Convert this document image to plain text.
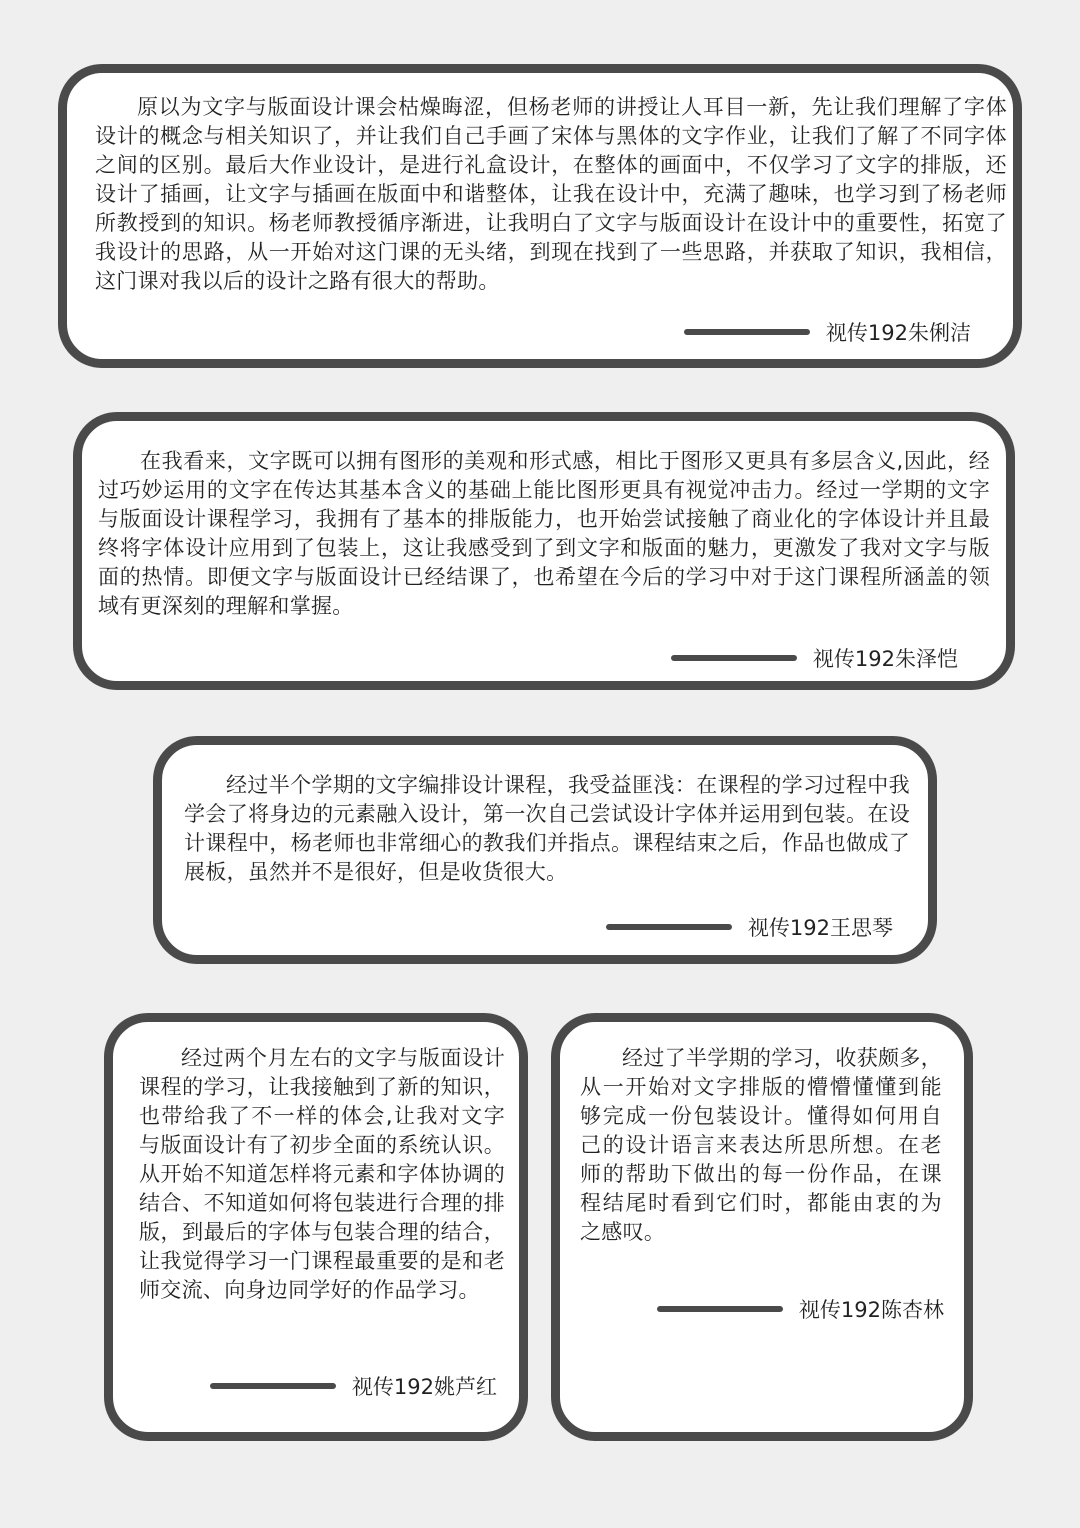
原以为文字与版面设计课会枯燥晦涩，但杨老师的讲授让人耳目一新，先让我们理解了字体设计的概念与相关知识了，并让我们自己手画了宋体与黑体的文字作业，让我们了解了不同字体之间的区别。最后大作业设计，是进行礼盒设计，在整体的画面中，不仅学习了文字的排版，还设计了插画，让文字与插画在版面中和谐整体，让我在设计中，充满了趣味，也学习到了杨老师所教授到的知识。杨老师教授循序渐进，让我明白了文字与版面设计在设计中的重要性，拓宽了我设计的思路，从一开始对这门课的无头绪，到现在找到了一些思路，并获取了知识，我相信，这门课对我以后的设计之路有很大的帮助。

视传192朱俐洁

在我看来，文字既可以拥有图形的美观和形式感，相比于图形又更具有多层含义,因此，经过巧妙运用的文字在传达其基本含义的基础上能比图形更具有视觉冲击力。经过一学期的文字与版面设计课程学习，我拥有了基本的排版能力，也开始尝试接触了商业化的字体设计并且最终将字体设计应用到了包装上，这让我感受到了到文字和版面的魅力，更激发了我对文字与版面的热情。即便文字与版面设计已经结课了，也希望在今后的学习中对于这门课程所涵盖的领域有更深刻的理解和掌握。

视传192朱泽恺

经过半个学期的文字编排设计课程，我受益匪浅：在课程的学习过程中我学会了将身边的元素融入设计，第一次自己尝试设计字体并运用到包装。在设计课程中，杨老师也非常细心的教我们并指点。课程结束之后，作品也做成了展板，虽然并不是很好，但是收货很大。

视传192王思琴

经过两个月左右的文字与版面设计课程的学习，让我接触到了新的知识，也带给我了不一样的体会,让我对文字与版面设计有了初步全面的系统认识。从开始不知道怎样将元素和字体协调的结合、不知道如何将包装进行合理的排版，到最后的字体与包装合理的结合，让我觉得学习一门课程最重要的是和老师交流、向身边同学好的作品学习。

视传192姚芦红

经过了半学期的学习，收获颇多，从一开始对文字排版的懵懵懂懂到能够完成一份包装设计。懂得如何用自己的设计语言来表达所思所想。在老师的帮助下做出的每一份作品，在课程结尾时看到它们时，都能由衷的为之感叹。

视传192陈杏林
